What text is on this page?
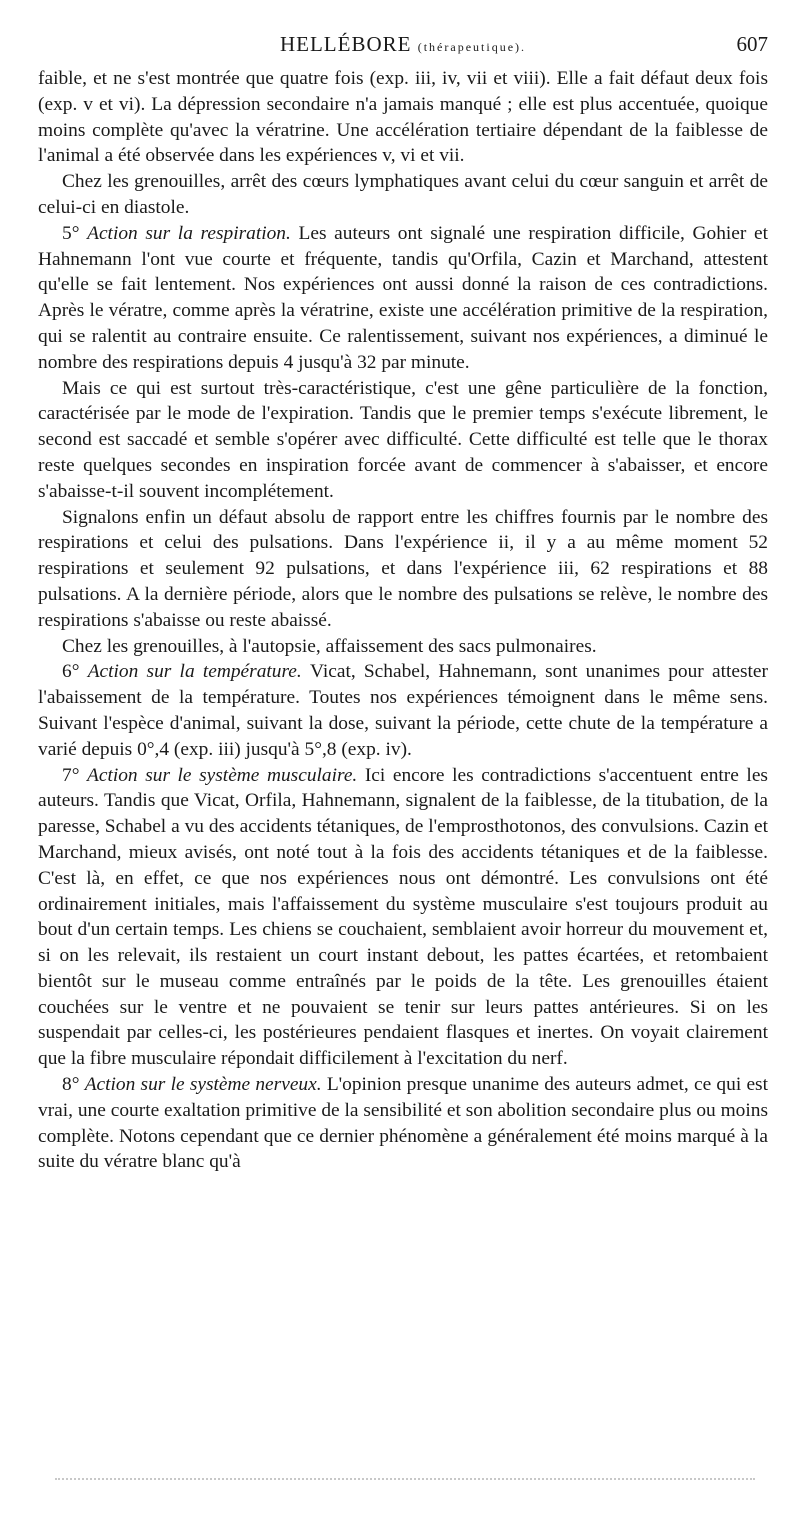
HELLÉBORE (thérapeutique).	607

faible, et ne s'est montrée que quatre fois (exp. iii, iv, vii et viii). Elle a fait défaut deux fois (exp. v et vi). La dépression secondaire n'a jamais manqué ; elle est plus accentuée, quoique moins complète qu'avec la vératrine. Une accélération tertiaire dépendant de la faiblesse de l'animal a été observée dans les expériences v, vi et vii.

Chez les grenouilles, arrêt des cœurs lymphatiques avant celui du cœur sanguin et arrêt de celui-ci en diastole.

5° Action sur la respiration. Les auteurs ont signalé une respiration difficile, Gohier et Hahnemann l'ont vue courte et fréquente, tandis qu'Orfila, Cazin et Marchand, attestent qu'elle se fait lentement. Nos expériences ont aussi donné la raison de ces contradictions. Après le vératre, comme après la vératrine, existe une accélération primitive de la respiration, qui se ralentit au contraire ensuite. Ce ralentissement, suivant nos expériences, a diminué le nombre des respirations depuis 4 jusqu'à 32 par minute.

Mais ce qui est surtout très-caractéristique, c'est une gêne particulière de la fonction, caractérisée par le mode de l'expiration. Tandis que le premier temps s'exécute librement, le second est saccadé et semble s'opérer avec difficulté. Cette difficulté est telle que le thorax reste quelques secondes en inspiration forcée avant de commencer à s'abaisser, et encore s'abaisse-t-il souvent incomplétement.

Signalons enfin un défaut absolu de rapport entre les chiffres fournis par le nombre des respirations et celui des pulsations. Dans l'expérience ii, il y a au même moment 52 respirations et seulement 92 pulsations, et dans l'expérience iii, 62 respirations et 88 pulsations. A la dernière période, alors que le nombre des pulsations se relève, le nombre des respirations s'abaisse ou reste abaissé.

Chez les grenouilles, à l'autopsie, affaissement des sacs pulmonaires.

6° Action sur la température. Vicat, Schabel, Hahnemann, sont unanimes pour attester l'abaissement de la température. Toutes nos expériences témoignent dans le même sens. Suivant l'espèce d'animal, suivant la dose, suivant la période, cette chute de la température a varié depuis 0°,4 (exp. iii) jusqu'à 5°,8 (exp. iv).

7° Action sur le système musculaire. Ici encore les contradictions s'accentuent entre les auteurs. Tandis que Vicat, Orfila, Hahnemann, signalent de la faiblesse, de la titubation, de la paresse, Schabel a vu des accidents tétaniques, de l'emprosthotonos, des convulsions. Cazin et Marchand, mieux avisés, ont noté tout à la fois des accidents tétaniques et de la faiblesse. C'est là, en effet, ce que nos expériences nous ont démontré. Les convulsions ont été ordinairement initiales, mais l'affaissement du système musculaire s'est toujours produit au bout d'un certain temps. Les chiens se couchaient, semblaient avoir horreur du mouvement et, si on les relevait, ils restaient un court instant debout, les pattes écartées, et retombaient bientôt sur le museau comme entraînés par le poids de la tête. Les grenouilles étaient couchées sur le ventre et ne pouvaient se tenir sur leurs pattes antérieures. Si on les suspendait par celles-ci, les postérieures pendaient flasques et inertes. On voyait clairement que la fibre musculaire répondait difficilement à l'excitation du nerf.

8° Action sur le système nerveux. L'opinion presque unanime des auteurs admet, ce qui est vrai, une courte exaltation primitive de la sensibilité et son abolition secondaire plus ou moins complète. Notons cependant que ce dernier phénomène a généralement été moins marqué à la suite du vératre blanc qu'à
